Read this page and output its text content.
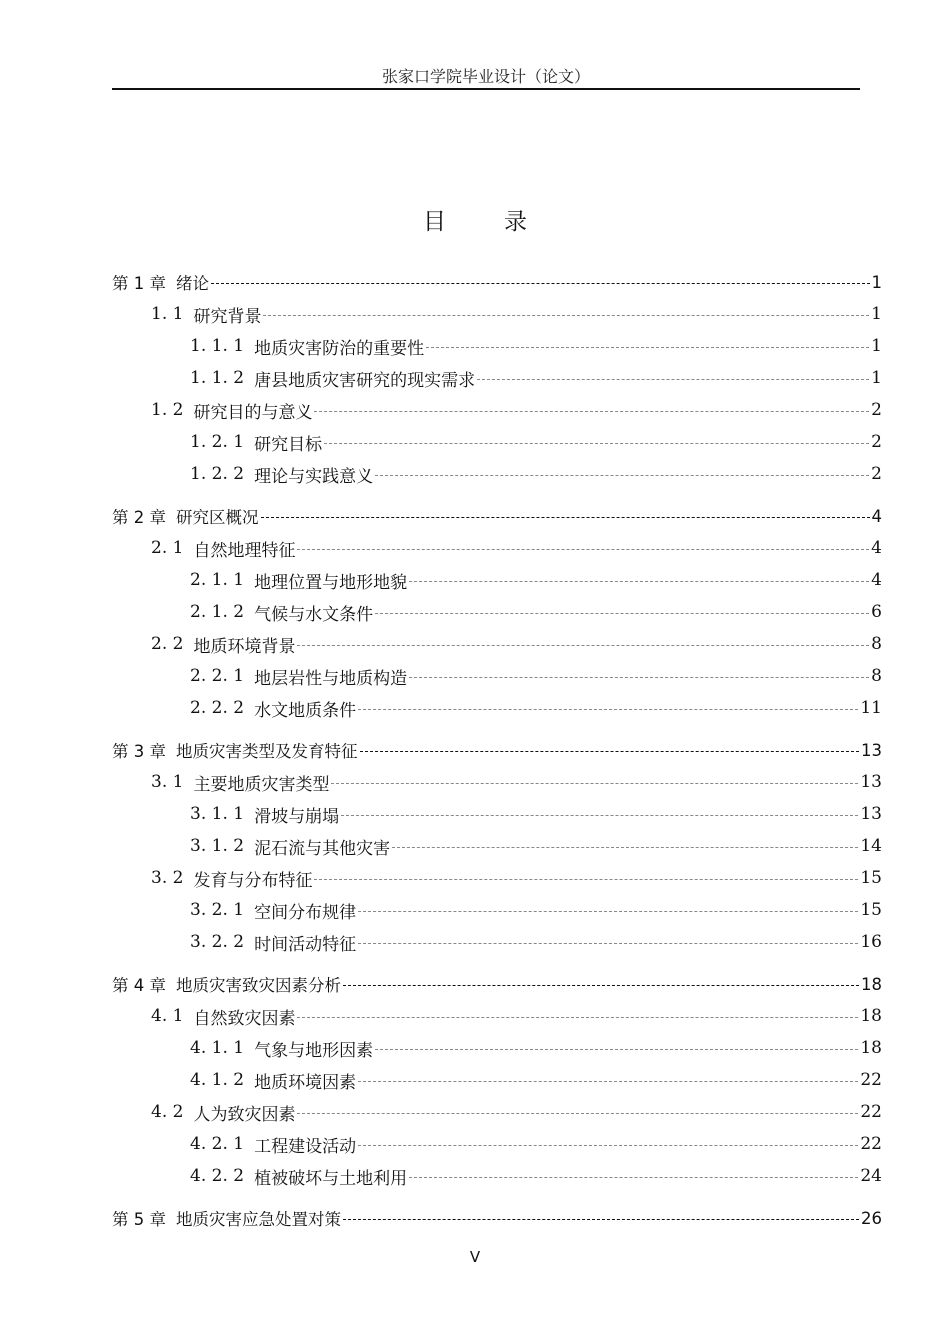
张家口学院毕业设计（论文）
目录
第 1 章 绪论	1
1. 1 研究背景	1
1. 1. 1 地质灾害防治的重要性	1
1. 1. 2 唐县地质灾害研究的现实需求	1
1. 2 研究目的与意义	2
1. 2. 1 研究目标	2
1. 2. 2 理论与实践意义	2
第 2 章 研究区概况	4
2. 1 自然地理特征	4
2. 1. 1 地理位置与地形地貌	4
2. 1. 2 气候与水文条件	6
2. 2 地质环境背景	8
2. 2. 1 地层岩性与地质构造	8
2. 2. 2 水文地质条件	11
第 3 章 地质灾害类型及发育特征	13
3. 1 主要地质灾害类型	13
3. 1. 1 滑坡与崩塌	13
3. 1. 2 泥石流与其他灾害	14
3. 2 发育与分布特征	15
3. 2. 1 空间分布规律	15
3. 2. 2 时间活动特征	16
第 4 章 地质灾害致灾因素分析	18
4. 1 自然致灾因素	18
4. 1. 1 气象与地形因素	18
4. 1. 2 地质环境因素	22
4. 2 人为致灾因素	22
4. 2. 1 工程建设活动	22
4. 2. 2 植被破坏与土地利用	24
第 5 章 地质灾害应急处置对策	26
V
